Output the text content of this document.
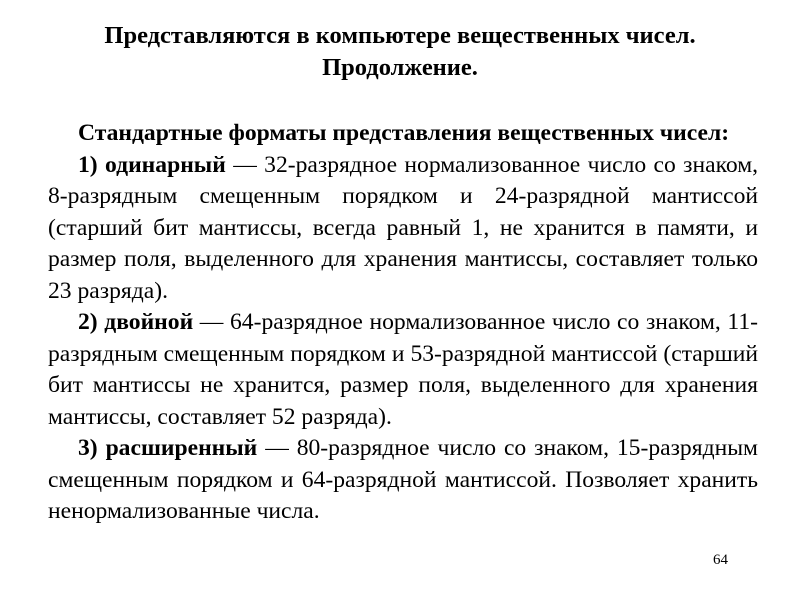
Представляются в компьютере вещественных чисел.
Продолжение.

Стандартные форматы представления вещественных чисел:

1) одинарный — 32-разрядное нормализованное число со знаком, 8-разрядным смещенным порядком и 24-разрядной мантиссой (старший бит мантиссы, всегда равный 1, не хранится в памяти, и размер поля, выделенного для хранения мантиссы, составляет только 23 разряда).

2) двойной — 64-разрядное нормализованное число со знаком, 11-разрядным смещенным порядком и 53-разрядной мантиссой (старший бит мантиссы не хранится, размер поля, выделенного для хранения мантиссы, составляет 52 разряда).

3) расширенный — 80-разрядное число со знаком, 15-разрядным смещенным порядком и 64-разрядной мантиссой. Позволяет хранить ненормализованные числа.

64
